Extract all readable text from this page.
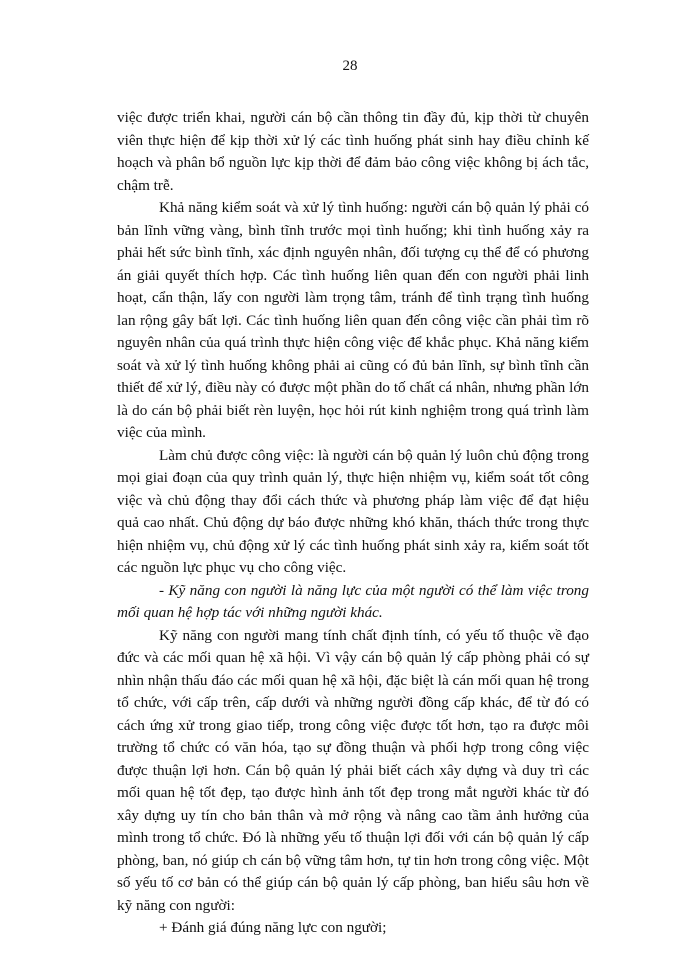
28

việc được triển khai, người cán bộ cần thông tin đầy đủ, kịp thời từ chuyên viên thực hiện để kịp thời xử lý các tình huống phát sinh hay điều chỉnh kế hoạch và phân bổ nguồn lực kịp thời để đảm bảo công việc không bị ách tắc, chậm trễ.

Khả năng kiểm soát và xử lý tình huống: người cán bộ quản lý phải có bản lĩnh vững vàng, bình tĩnh trước mọi tình huống; khi tình huống xảy ra phải hết sức bình tĩnh, xác định nguyên nhân, đối tượng cụ thể để có phương án giải quyết thích hợp. Các tình huống liên quan đến con người phải linh hoạt, cẩn thận, lấy con người làm trọng tâm, tránh để tình trạng tình huống lan rộng gây bất lợi. Các tình huống liên quan đến công việc cần phải tìm rõ nguyên nhân của quá trình thực hiện công việc để khắc phục. Khả năng kiểm soát và xử lý tình huống không phải ai cũng có đủ bản lĩnh, sự bình tĩnh cần thiết để xử lý, điều này có được một phần do tố chất cá nhân, nhưng phần lớn là do cán bộ phải biết rèn luyện, học hỏi rút kinh nghiệm trong quá trình làm việc của mình.

Làm chủ được công việc: là người cán bộ quản lý luôn chủ động trong mọi giai đoạn của quy trình quản lý, thực hiện nhiệm vụ, kiểm soát tốt công việc và chủ động thay đổi cách thức và phương pháp làm việc để đạt hiệu quả cao nhất. Chủ động dự báo được những khó khăn, thách thức trong thực hiện nhiệm vụ, chủ động xử lý các tình huống phát sinh xảy ra, kiểm soát tốt các nguồn lực phục vụ cho công việc.

- Kỹ năng con người là năng lực của một người có thể làm việc trong mối quan hệ hợp tác với những người khác.

Kỹ năng con người mang tính chất định tính, có yếu tố thuộc về đạo đức và các mối quan hệ xã hội. Vì vậy cán bộ quản lý cấp phòng phải có sự nhìn nhận thấu đáo các mối quan hệ xã hội, đặc biệt là cán mối quan hệ trong tổ chức, với cấp trên, cấp dưới và những người đồng cấp khác, để từ đó có cách ứng xử trong giao tiếp, trong công việc được tốt hơn, tạo ra được môi trường tổ chức có văn hóa, tạo sự đồng thuận và phối hợp trong công việc được thuận lợi hơn. Cán bộ quản lý phải biết cách xây dựng và duy trì các mối quan hệ tốt đẹp, tạo được hình ảnh tốt đẹp trong mắt người khác từ đó xây dựng uy tín cho bản thân và mở rộng và nâng cao tầm ảnh hưởng của mình trong tổ chức. Đó là những yếu tố thuận lợi đối với cán bộ quản lý cấp phòng, ban, nó giúp ch cán bộ vững tâm hơn, tự tin hơn trong công việc. Một số yếu tố cơ bản có thể giúp cán bộ quản lý cấp phòng, ban hiểu sâu hơn về kỹ năng con người:

+ Đánh giá đúng năng lực con người;
